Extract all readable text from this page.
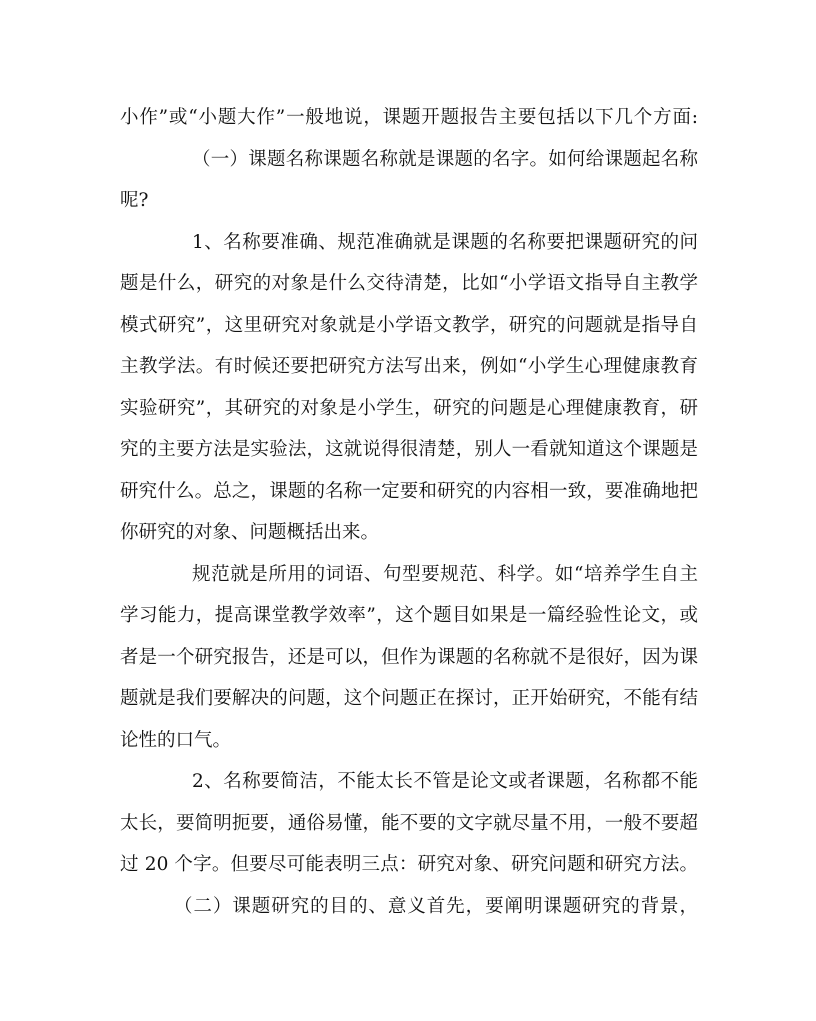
小作”或“小题大作”一般地说，课题开题报告主要包括以下几个方面:
（一）课题名称课题名称就是课题的名字。如何给课题起名称
呢?
1、名称要准确、规范准确就是课题的名称要把课题研究的问
题是什么，研究的对象是什么交待清楚，比如“小学语文指导自主教学
模式研究”，这里研究对象就是小学语文教学，研究的问题就是指导自
主教学法。有时候还要把研究方法写出来，例如“小学生心理健康教育
实验研究”，其研究的对象是小学生，研究的问题是心理健康教育，研
究的主要方法是实验法，这就说得很清楚，别人一看就知道这个课题是
研究什么。总之，课题的名称一定要和研究的内容相一致，要准确地把
你研究的对象、问题概括出来。
规范就是所用的词语、句型要规范、科学。如“培养学生自主
学习能力，提高课堂教学效率”，这个题目如果是一篇经验性论文，或
者是一个研究报告，还是可以，但作为课题的名称就不是很好，因为课
题就是我们要解决的问题，这个问题正在探讨，正开始研究，不能有结
论性的口气。
2、名称要简洁，不能太长不管是论文或者课题，名称都不能
太长，要简明扼要，通俗易懂，能不要的文字就尽量不用，一般不要超
过 20 个字。但要尽可能表明三点：研究对象、研究问题和研究方法。
（二）课题研究的目的、意义首先，要阐明课题研究的背景，
